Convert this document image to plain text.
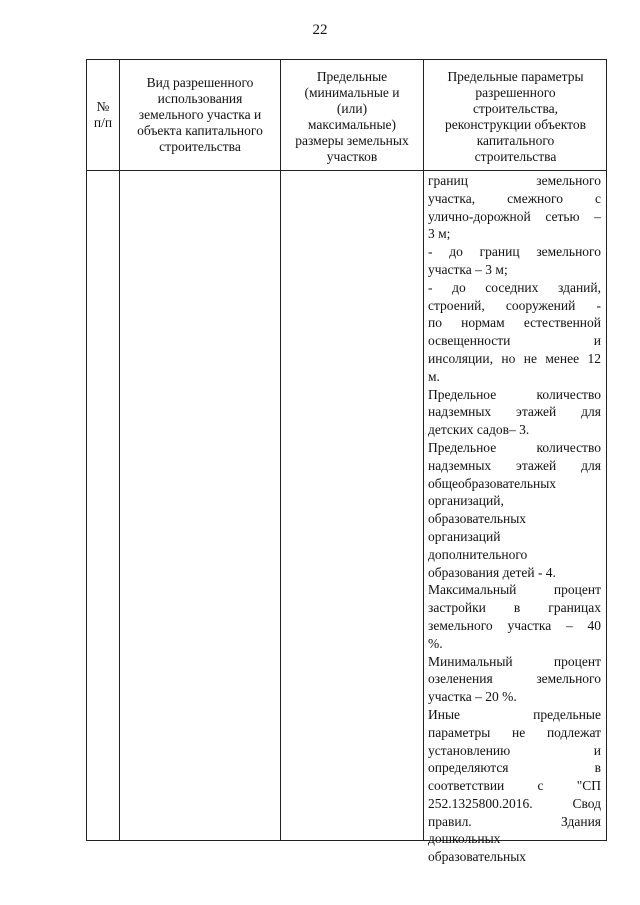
22
№
п/п
Вид разрешенного
использования
земельного участка и
объекта капитального
строительства
Предельные
(минимальные и
(или)
максимальные)
размеры земельных
участков
Предельные параметры
разрешенного
строительства,
реконструкции объектов
капитального
строительства
границ земельного
участка, смежного с
улично-дорожной сетью –
3 м;
- до границ земельного
участка – 3 м;
- до соседних зданий,
строений, сооружений -
по нормам естественной
освещенности и
инсоляции, но не менее 12
м.
Предельное количество
надземных этажей для
детских садов– 3.
Предельное количество
надземных этажей для
общеобразовательных
организаций,
образовательных
организаций
дополнительного
образования детей - 4.
Максимальный процент
застройки в границах
земельного участка – 40
%.
Минимальный процент
озеленения земельного
участка – 20 %.
Иные предельные
параметры не подлежат
установлению и
определяются в
соответствии с "СП
252.1325800.2016. Свод
правил. Здания
дошкольных
образовательных
